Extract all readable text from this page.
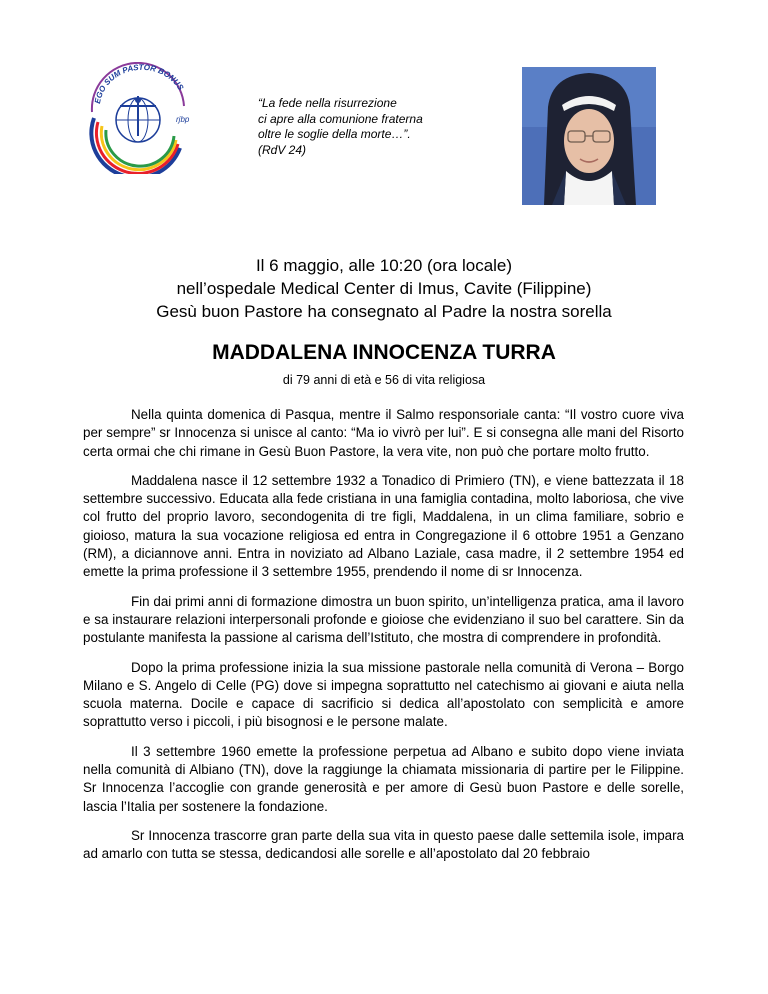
EGO SUM PASTOR BONUS
rjbp
“La fede nella risurrezione
ci apre alla comunione fraterna
oltre le soglie della morte…”.
(RdV 24)
Il 6 maggio, alle 10:20 (ora locale)
nell’ospedale Medical Center di Imus, Cavite (Filippine)
Gesù buon Pastore ha consegnato al Padre la nostra sorella
MADDALENA INNOCENZA TURRA
di 79 anni di età e 56 di vita religiosa

Nella quinta domenica di Pasqua, mentre il Salmo responsoriale canta: “Il vostro cuore viva per sempre” sr Innocenza si unisce al canto: “Ma io vivrò per lui”. E si consegna alle mani del Risorto certa ormai che chi rimane in Gesù Buon Pastore, la vera vite, non può che portare molto frutto.

Maddalena nasce il 12 settembre 1932 a Tonadico di Primiero (TN), e viene battezzata il 18 settembre successivo. Educata alla fede cristiana in una famiglia contadina, molto laboriosa, che vive col frutto del proprio lavoro, secondogenita di tre figli, Maddalena, in un clima familiare, sobrio e gioioso, matura la sua vocazione religiosa ed entra in Congregazione il 6 ottobre 1951 a Genzano (RM), a diciannove anni. Entra in noviziato ad Albano Laziale, casa madre, il 2 settembre 1954 ed emette la prima professione il 3 settembre 1955, prendendo il nome di sr Innocenza.

Fin dai primi anni di formazione dimostra un buon spirito, un’intelligenza pratica, ama il lavoro e sa instaurare relazioni interpersonali profonde e gioiose che evidenziano il suo bel carattere. Sin da postulante manifesta la passione al carisma dell’Istituto, che mostra di comprendere in profondità.

Dopo la prima professione inizia la sua missione pastorale nella comunità di Verona – Borgo Milano e S. Angelo di Celle (PG) dove si impegna soprattutto nel catechismo ai giovani e aiuta nella scuola materna. Docile e capace di sacrificio si dedica all’apostolato con semplicità e amore soprattutto verso i piccoli, i più bisognosi e le persone malate.

Il 3 settembre 1960 emette la professione perpetua ad Albano e subito dopo viene inviata nella comunità di Albiano (TN), dove la raggiunge la chiamata missionaria di partire per le Filippine. Sr Innocenza l’accoglie con grande generosità e per amore di Gesù buon Pastore e delle sorelle, lascia l’Italia per sostenere la fondazione.

Sr Innocenza trascorre gran parte della sua vita in questo paese dalle settemila isole, impara ad amarlo con tutta se stessa, dedicandosi alle sorelle e all’apostolato dal 20 febbraio
